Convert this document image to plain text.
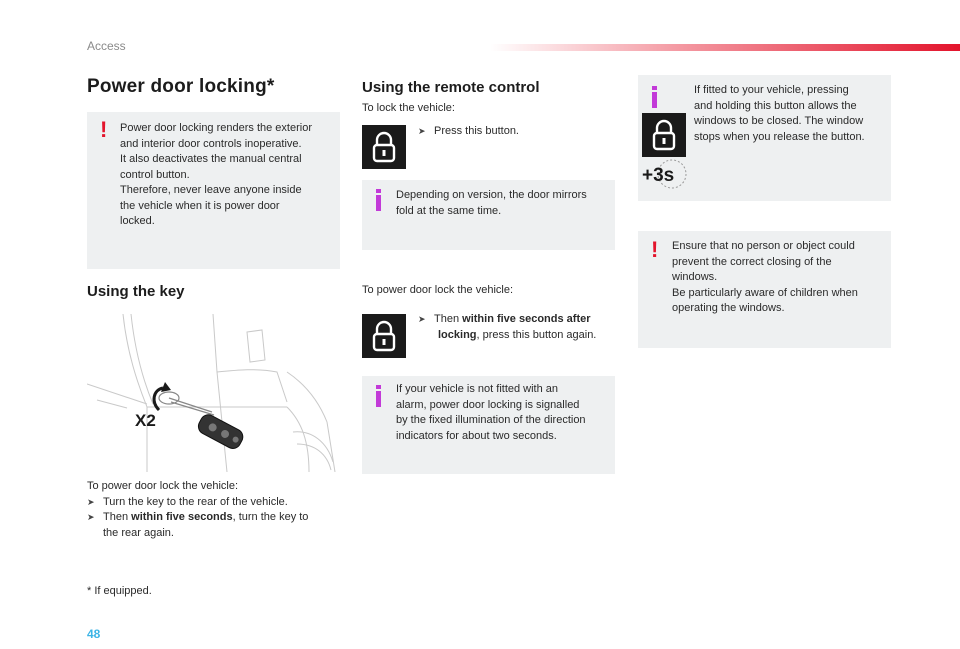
Access
Power door locking*
! Power door locking renders the exterior

and interior door controls inoperative.

It also deactivates the manual central

control button.

Therefore, never leave anyone inside

the vehicle when it is power door

locked.

Using the key
X2

To power door lock the vehicle:

➤ Turn the key to the rear of the vehicle.

➤ Then within five seconds, turn the key to

the rear again.

* If equipped.
Using the remote control

To lock the vehicle:

➤ Press this button.

Depending on version, the door mirrors

fold at the same time.

To power door lock the vehicle:

➤ Then within five seconds after

locking, press this button again.

If your vehicle is not fitted with an

alarm, power door locking is signalled

by the fixed illumination of the direction

indicators for about two seconds.

+3s

If fitted to your vehicle, pressing

and holding this button allows the

windows to be closed. The window

stops when you release the button.

! Ensure that no person or object could

prevent the correct closing of the

windows.

Be particularly aware of children when

operating the windows.

48
